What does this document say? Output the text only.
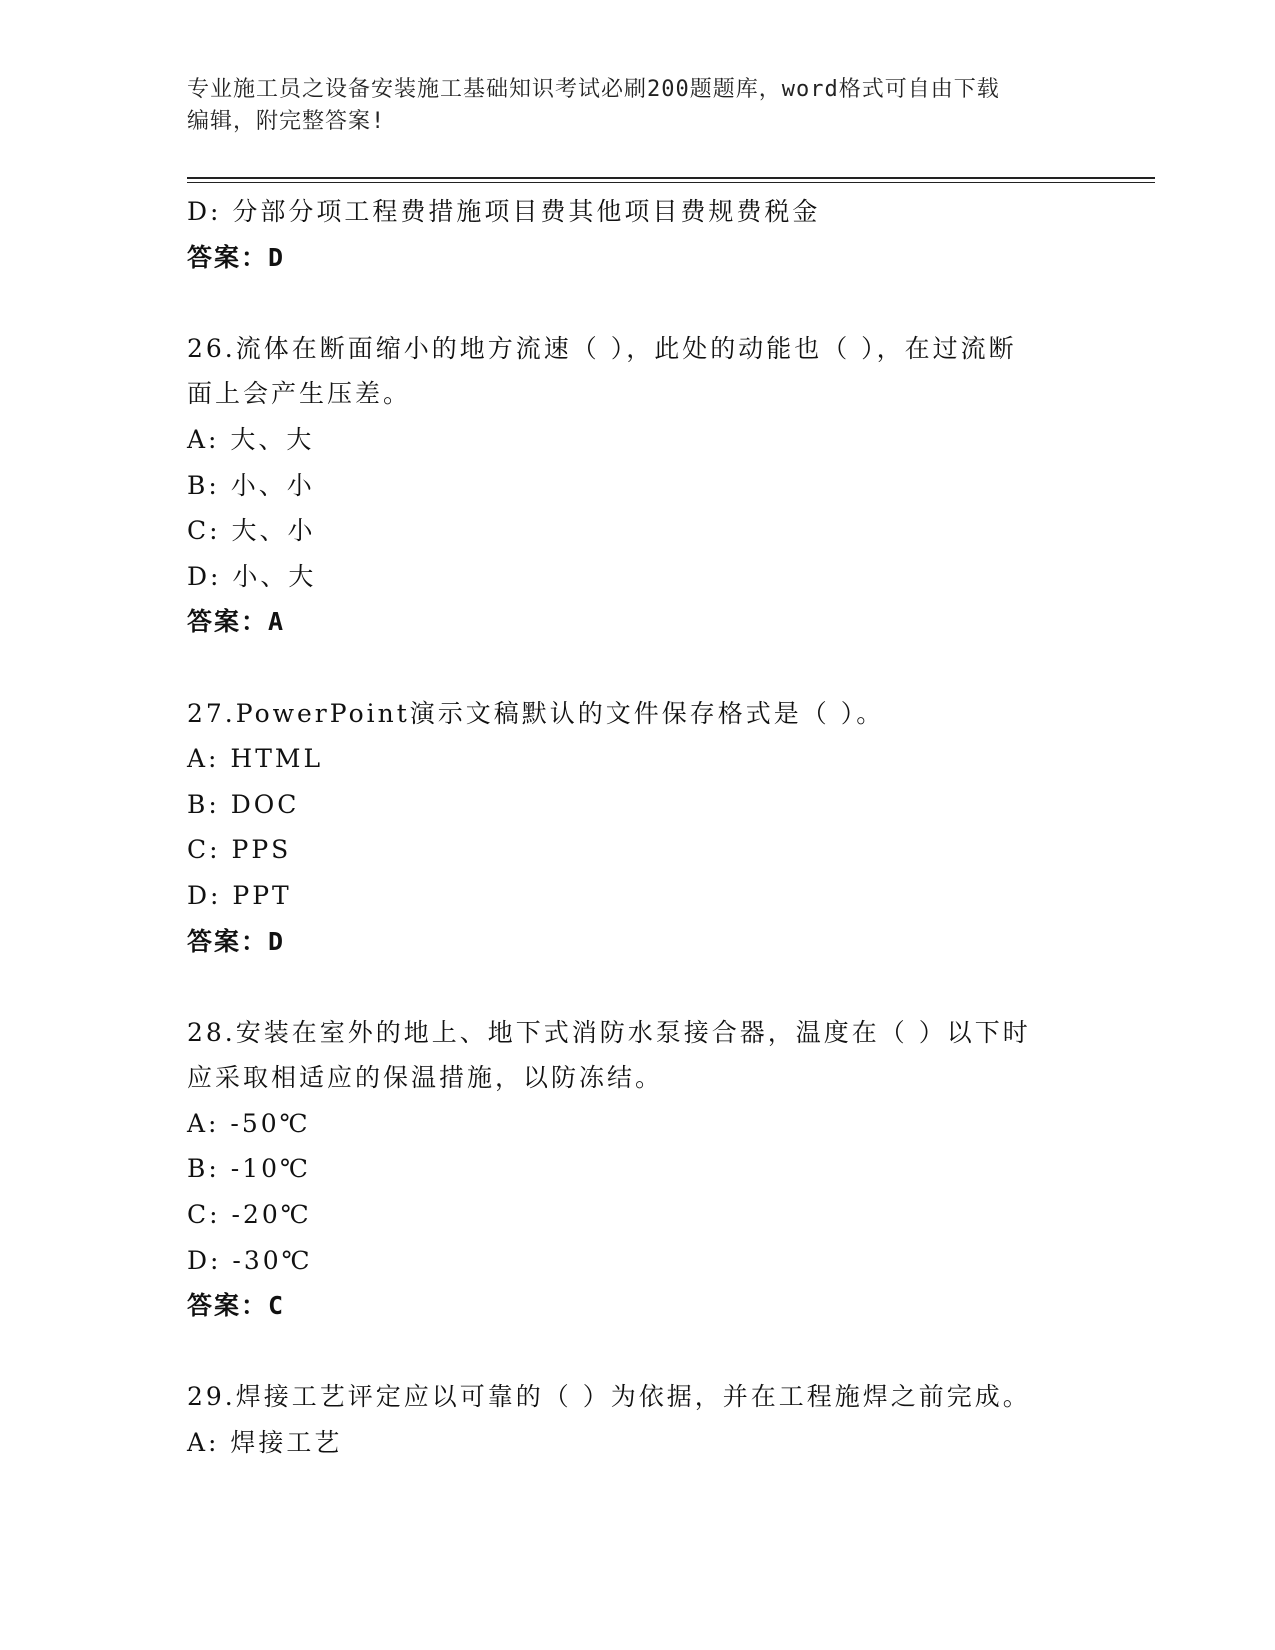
专业施工员之设备安装施工基础知识考试必刷200题题库，word格式可自由下载
编辑，附完整答案!
D: 分部分项工程费措施项目费其他项目费规费税金
答案：D
26.流体在断面缩小的地方流速（ ），此处的动能也（ ），在过流断
面上会产生压差。
A: 大、大
B: 小、小
C: 大、小
D: 小、大
答案：A
27.PowerPoint演示文稿默认的文件保存格式是（ ）。
A: HTML
B: DOC
C: PPS
D: PPT
答案：D
28.安装在室外的地上、地下式消防水泵接合器，温度在（ ）以下时
应采取相适应的保温措施，以防冻结。
A: -50℃
B: -10℃
C: -20℃
D: -30℃
答案：C
29.焊接工艺评定应以可靠的（ ）为依据，并在工程施焊之前完成。
A: 焊接工艺
